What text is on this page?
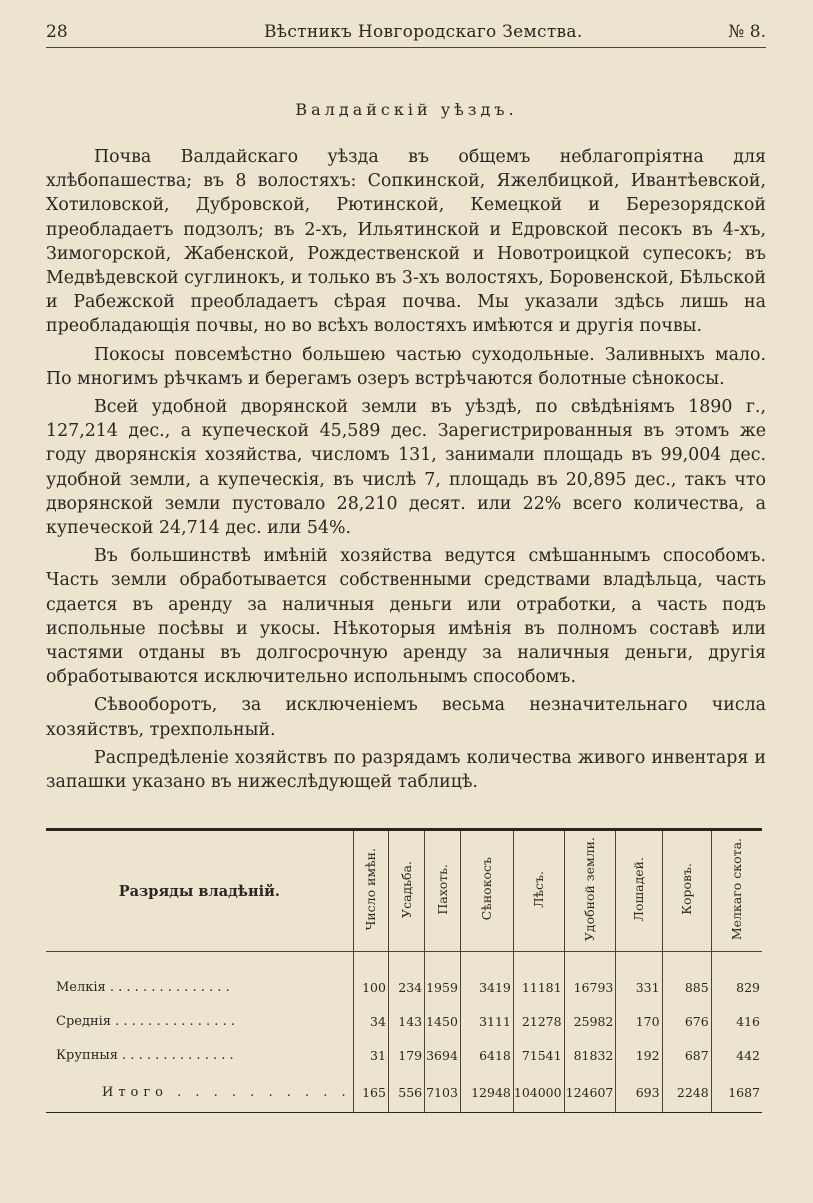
28	Вѣстникъ Новгородскаго Земства.	№ 8.
Валдайскій уѣздъ.

Почва Валдайскаго уѣзда въ общемъ неблагопріятна для хлѣбопашества; въ 8 волостяхъ: Сопкинской, Яжелбицкой, Ивантѣевской, Хотиловской, Дубровской, Рютинской, Кемецкой и Березорядской преобладаетъ подзолъ; въ 2-хъ, Ильятинской и Едровской песокъ въ 4-хъ, Зимогорской, Жабенской, Рождественской и Новотроицкой супесокъ; въ Медвѣдевской суглинокъ, и только въ 3-хъ волостяхъ, Боровенской, Бѣльской и Рабежской преобладаетъ сѣрая почва. Мы указали здѣсь лишь на преобладающія почвы, но во всѣхъ волостяхъ имѣются и другія почвы.

Покосы повсемѣстно большею частью суходольные. Заливныхъ мало. По многимъ рѣчкамъ и берегамъ озеръ встрѣчаются болотные сѣнокосы.

Всей удобной дворянской земли въ уѣздѣ, по свѣдѣніямъ 1890 г., 127,214 дес., а купеческой 45,589 дес. Зарегистрированныя въ этомъ же году дворянскія хозяйства, числомъ 131, занимали площадь въ 99,004 дес. удобной земли, а купеческія, въ числѣ 7, площадь въ 20,895 дес., такъ что дворянской земли пустовало 28,210 десят. или 22% всего количества, а купеческой 24,714 дес. или 54%.

Въ большинствѣ имѣній хозяйства ведутся смѣшаннымъ способомъ. Часть земли обработывается собственными средствами владѣльца, часть сдается въ аренду за наличныя деньги или отработки, а часть подъ испольные посѣвы и укосы. Нѣкоторыя имѣнія въ полномъ составѣ или частями отданы въ долгосрочную аренду за наличныя деньги, другія обработываются исключительно испольнымъ способомъ.

Сѣвооборотъ, за исключеніемъ весьма незначительнаго числа хозяйствъ, трехпольный.

Распредѣленіе хозяйствъ по разрядамъ количества живого инвентаря и запашки указано въ нижеслѣдующей таблицѣ.

Разряды владѣній.	Число имѣн.	Усадьба.	Пахоть.	Сѣнокосъ	Лѣсъ.	Удобной земли.	Лошадей.	Коровъ.	Мелкаго скота.
Мелкія . . . . . . . . . . . . . . .	100	234	1959	3419	11181	16793	331	885	829
Среднія . . . . . . . . . . . . . . .	34	143	1450	3111	21278	25982	170	676	416
Крупныя . . . . . . . . . . . . . .	31	179	3694	6418	71541	81832	192	687	442
Итого . . . . . . . . . .	165	556	7103	12948	104000	124607	693	2248	1687
